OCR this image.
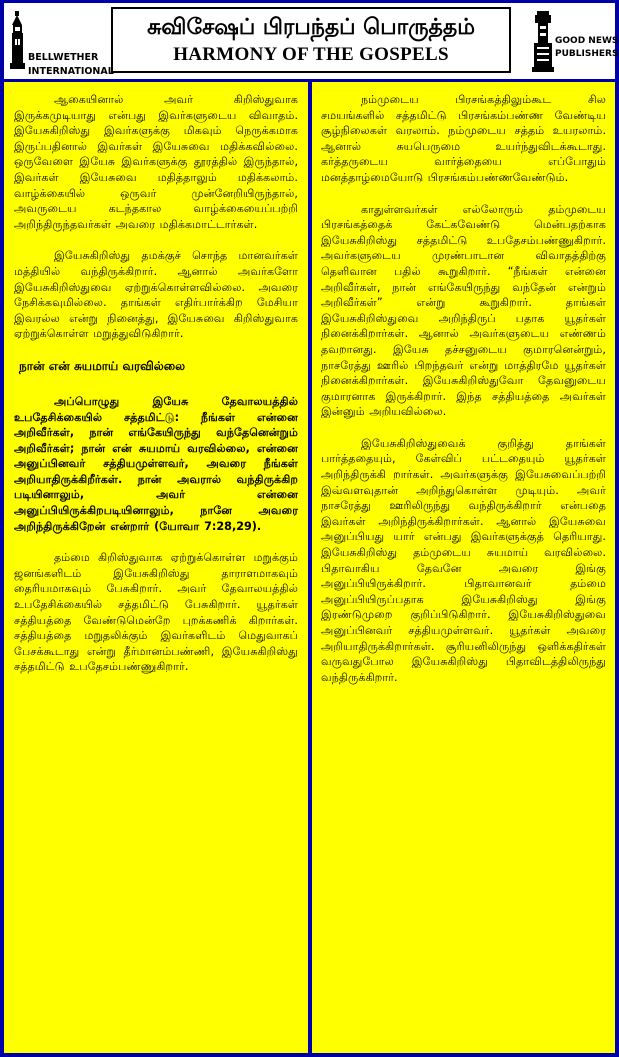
BELLWETHER
INTERNATIONAL
சுவிசேஷப் பிரபந்தப் பொருத்தம்
HARMONY OF THE GOSPELS
GOOD NEWS
PUBLISHERS

ஆகையினால் அவர் கிறிஸ்துவாக இருக்கமுடியாது என்பது இவர்களுடைய விவாதம். இயேசுகிறிஸ்து இவர்களுக்கு மிகவும் நெருக்கமாக இருப்பதினால் இவர்கள் இயேசுவை மதிக்கவில்லை. ஒருவேளை இயேசு இவர்களுக்கு தூரத்தில் இருந்தால், இவர்கள் இயேசுவை மதித்தாலும் மதிக்கலாம். வாழ்க்கையில் ஒருவர் முன்னேறியிருந்தால், அவருடைய கடந்தகால வாழ்க்கையைப்பற்றி அறிந்திருந்தவர்கள் அவரை மதிக்கமாட்டார்கள்.

இயேசுகிறிஸ்து தமக்குச் சொந்த மானவர்கள் மத்தியில் வந்திருக்கிறார். ஆனால் அவர்களோ இயேசுகிறிஸ்துவை ஏற்றுக்கொள்ளவில்லை. அவரை நேசிக்கவுமில்லை. தாங்கள் எதிர்பார்க்கிற மேசியா இவரல்ல என்று நினைத்து, இயேசுவை கிறிஸ்துவாக ஏற்றுக்கொள்ள மறுத்துவிடுகிறார்.

நான் என் சுயமாய் வரவில்லை

அப்பொழுது இயேசு தேவாலயத்தில் உபதேசிக்கையில் சத்தமிட்டு: நீங்கள் என்னை அறிவீர்கள், நான் எங்கேயிருந்து வந்தேனென்றும் அறிவீர்கள்; நான் என் சுயமாய் வரவில்லை, என்னை அனுப்பினவர் சத்தியமுள்ளவர், அவரை நீங்கள் அறியாதிருக்கிறீர்கள். நான் அவரால் வந்திருக்கிற படியினாலும், அவர் என்னை அனுப்பியிருக்கிறபடியினாலும், நானே அவரை அறிந்திருக்கிறேன் என்றார் (யோவா 7:28,29).

தம்மை கிறிஸ்துவாக ஏற்றுக்கொள்ள மறுக்கும் ஜனங்களிடம் இயேசுகிறிஸ்து தாராளமாகவும் தைரியமாகவும் பேசுகிறார். அவர் தேவாலயத்தில் உபதேசிக்கையில் சத்தமிட்டு பேசுகிறார். யூதர்கள் சத்தியத்தை வேண்டுமென்றே புறக்கணிக் கிறார்கள். சத்தியத்தை மறுதலிக்கும் இவர்களிடம் மெதுவாகப் பேசக்கூடாது என்று தீர்மானம்பண்ணி, இயேசுகிறிஸ்து சத்தமிட்டு உபதேசம்பண்ணுகிறார்.

நம்முடைய பிரசங்கத்திலும்கூட சில சமயங்களில் சத்தமிட்டு பிரசங்கம்பண்ண வேண்டிய சூழ்நிலைகள் வரலாம். நம்முடைய சத்தம் உயரலாம். ஆனால் சுயபெருமை உயர்ந்துவிடக்கூடாது. கர்த்தருடைய வார்த்தையை எப்போதும் மனத்தாழ்மையோடு பிரசங்கம்பண்ணவேண்டும்.

காதுள்ளவர்கள் எல்லோரும் தம்முடைய பிரசங்கத்தைக் கேட்கவேண்டு மென்பதற்காக இயேசுகிறிஸ்து சத்தமிட்டு உபதேசம்பண்ணுகிறார். அவர்களுடைய முரண்பாடான விவாதத்திற்கு தெளிவான பதில் கூறுகிறார். “நீங்கள் என்னை அறிவீர்கள், நான் எங்கேயிருந்து வந்தேன் என்றும் அறிவீர்கள்” என்று கூறுகிறார். தாங்கள் இயேசுகிறிஸ்துவை அறிந்திருப் பதாக யூதர்கள் நினைக்கிறார்கள். ஆனால் அவர்களுடைய எண்ணம் தவறானது. இயேசு தச்சனுடைய குமாரனென்றும், நாசரேத்து ஊரில் பிறந்தவர் என்று மாத்திரமே யூதர்கள் நினைக்கிறார்கள். இயேசுகிறிஸ்துவோ தேவனுடைய குமாரனாக இருக்கிறார். இந்த சத்தியத்தை அவர்கள் இன்னும் அறியவில்லை.

இயேசுகிறிஸ்துவைக் குறித்து தாங்கள் பார்த்ததையும், கேள்விப் பட்டதையும் யூதர்கள் அறிந்திருக்கி றார்கள். அவர்களுக்கு இயேசுவைப்பற்றி இவ்வளவுதான் அறிந்துகொள்ள முடியும். அவர் நாசரேத்து ஊரிலிருந்து வந்திருக்கிறார் என்பதை இவர்கள் அறிந்திருக்கிறார்கள். ஆனால் இயேசுவை அனுப்பியது யார் என்பது இவர்களுக்குத் தெரியாது. இயேசுகிறிஸ்து தம்முடைய சுயமாய் வரவில்லை. பிதாவாகிய தேவனே அவரை இங்கு அனுப்பியிருக்கிறார். பிதாவானவர் தம்மை அனுப்பியிருப்பதாக இயேசுகிறிஸ்து இங்கு இரண்டுமுறை குறிப்பிடுகிறார். இயேசுகிறிஸ்துவை அனுப்பினவர் சத்தியமுள்ளவர். யூதர்கள் அவரை அறியாதிருக்கிறார்கள். சூரியனிலிருந்து ஒளிக்கதிர்கள் வருவதுபோல இயேசுகிறிஸ்து பிதாவிடத்திலிருந்து வந்திருக்கிறார்.
